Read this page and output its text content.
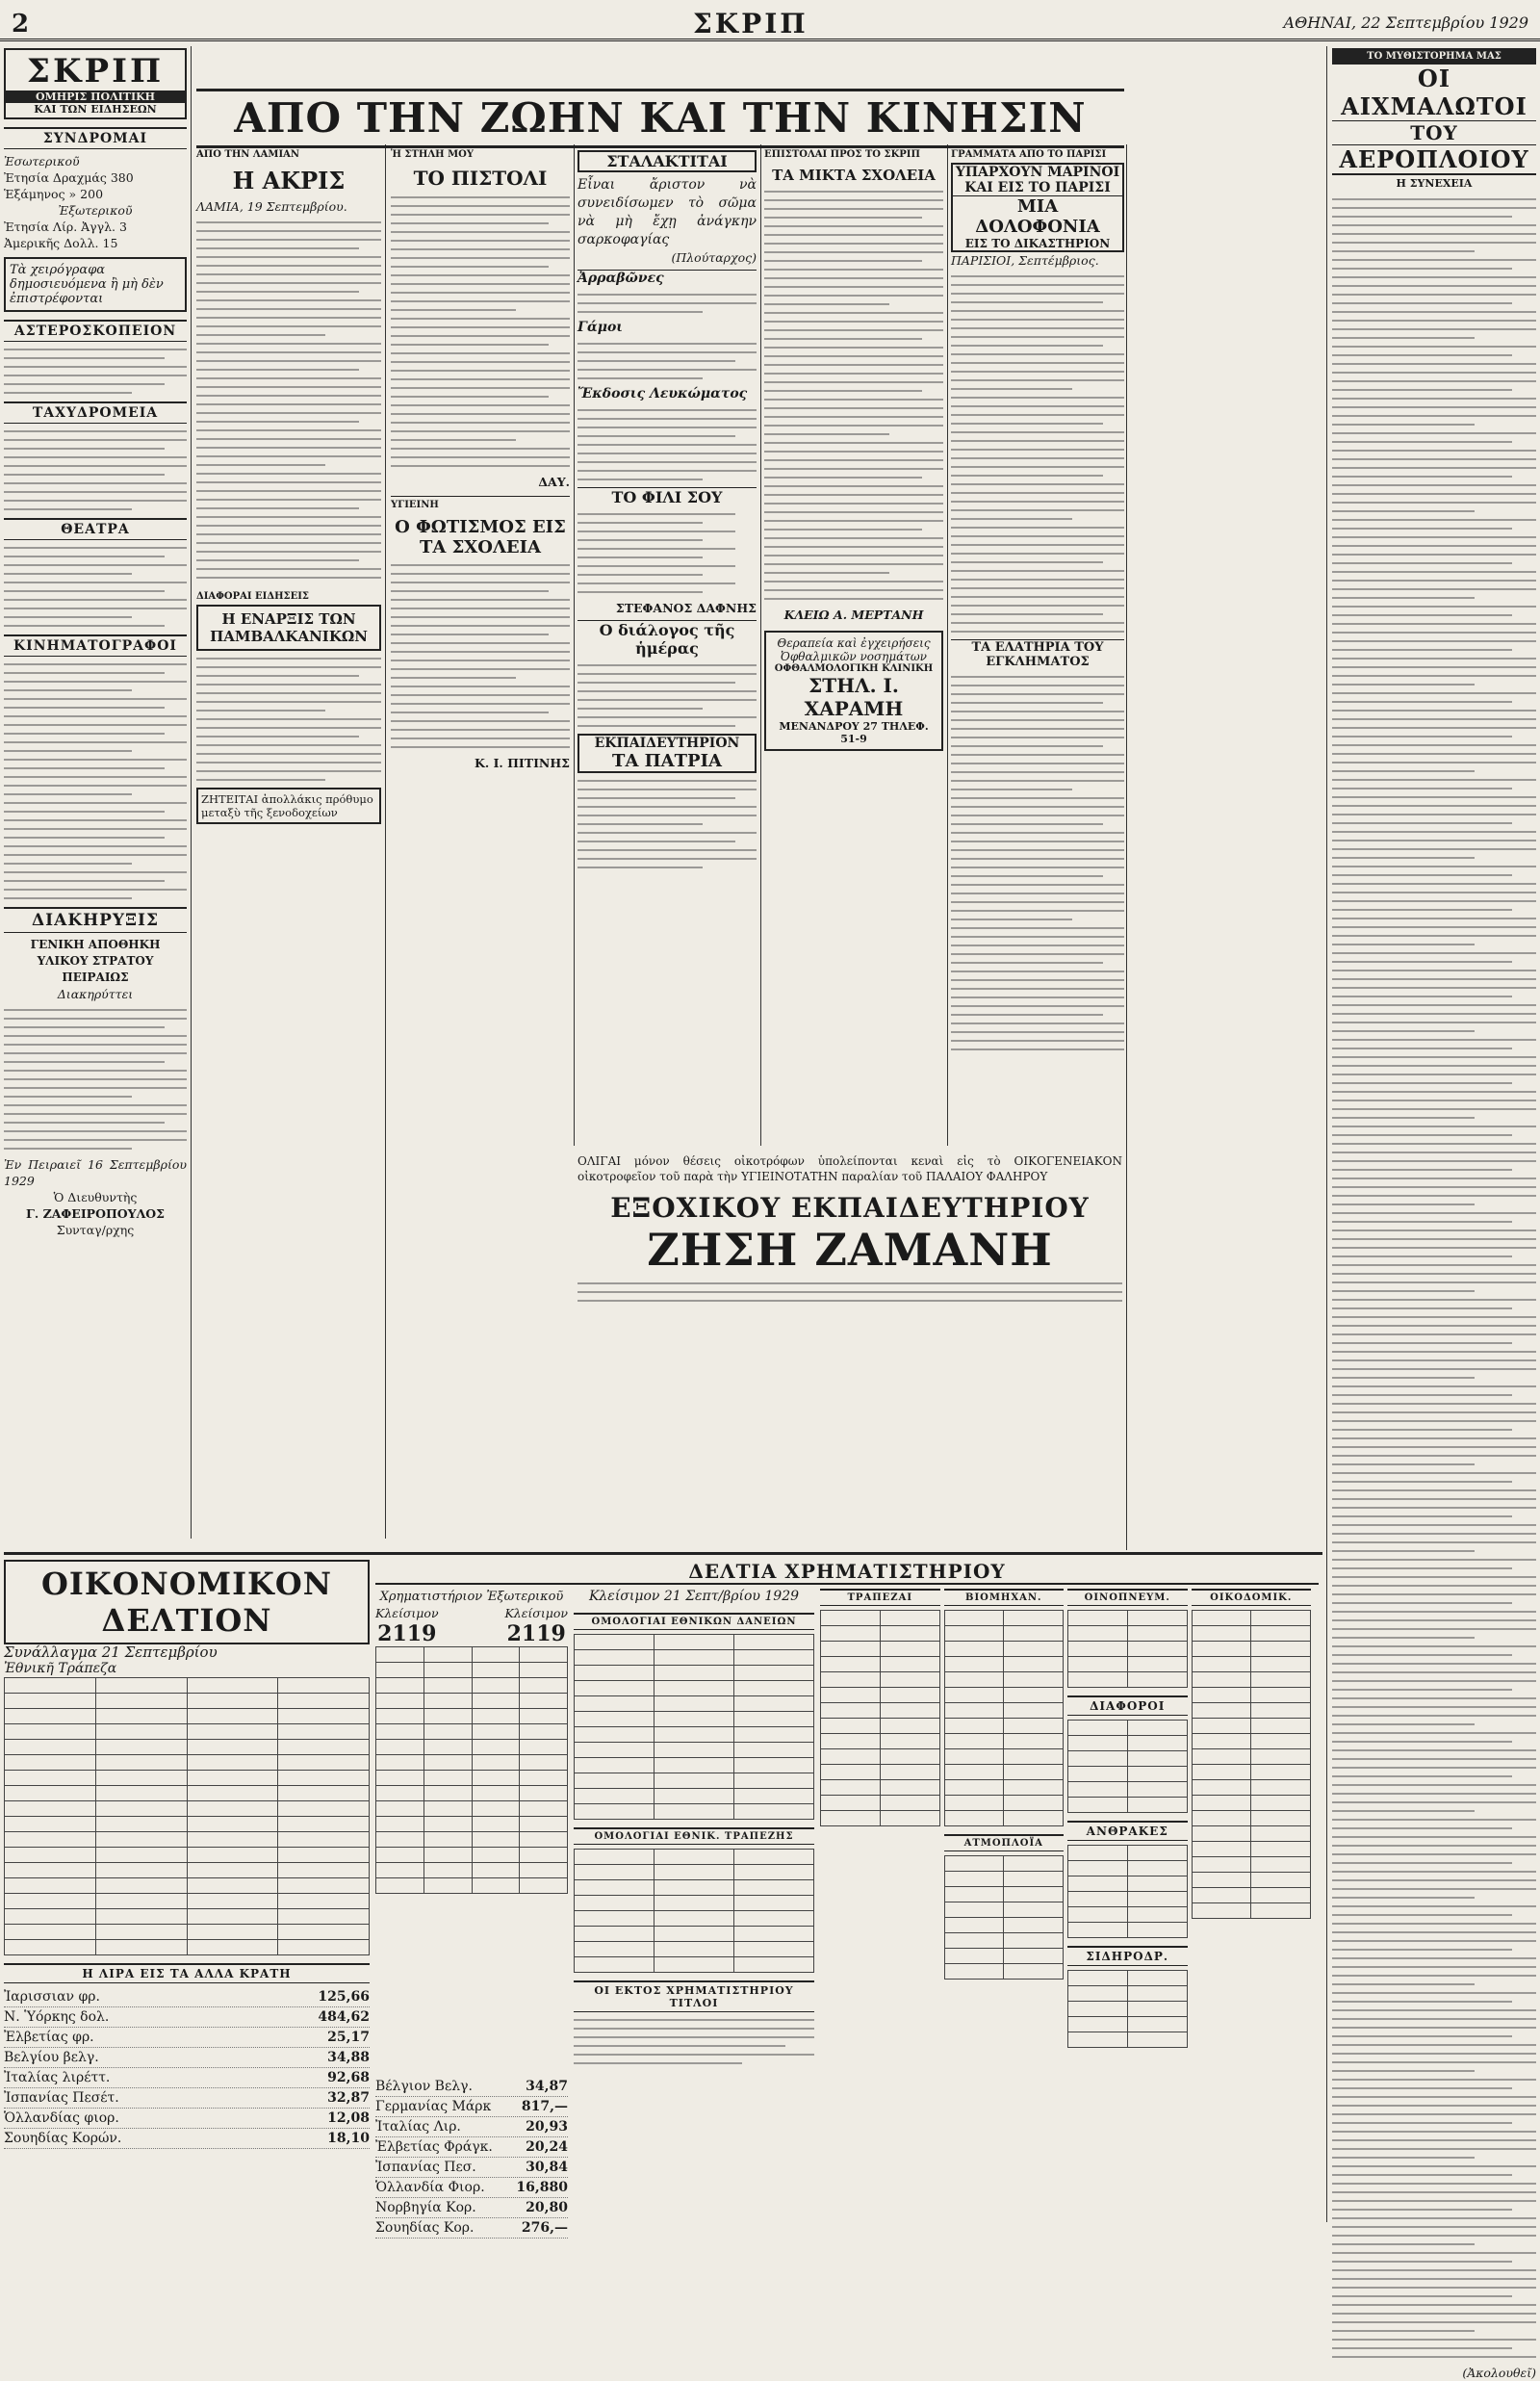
2	ΣΚΡΙΠ	ΑΘΗΝΑΙ, 22 Σεπτεμβρίου 1929
ΣΚΡΙΠ
ΟΜΗΡΙΣ ΠΟΛΙΤΙΚΗ
ΚΑΙ ΤΩΝ ΕΙΔΗΣΕΩΝ
ΣΥΝΔΡΟΜΑΙ
Ἐσωτερικοῦ
Ἐτησία Δραχμάς 380
Ἑξάμηνος » 200
Ἐξωτερικοῦ
Ἐτησία Λίρ. Ἀγγλ. 3
Ἀμερικῆς Δολλ. 15
Τὰ χειρόγραφα δημοσιευόμενα ἢ μὴ δὲν ἐπιστρέφονται
ΑΣΤΕΡΟΣΚΟΠΕΙΟΝ
ΤΑΧΥΔΡΟΜΕΙΑ
ΘΕΑΤΡΑ
ΚΙΝΗΜΑΤΟΓΡΑΦΟΙ
ΔΙΑΚΗΡΥΞΙΣ
ΓΕΝΙΚΗ ΑΠΟΘΗΚΗ ΥΛΙΚΟΥ ΣΤΡΑΤΟΥ ΠΕΙΡΑΙΩΣ
Διακηρύττει
Ἐν Πειραιεῖ 16 Σεπτεμβρίου 1929
Ὁ Διευθυντὴς
Γ. ΖΑΦΕΙΡΟΠΟΥΛΟΣ
Συνταγ/ρχης
ΑΠΟ ΤΗΝ ΖΩΗΝ ΚΑΙ ΤΗΝ ΚΙΝΗΣΙΝ
ΑΠΟ ΤΗΝ ΛΑΜΙΑΝ
Η ΑΚΡΙΣ
ΛΑΜΙΑ, 19 Σεπτεμβρίου.
ΔΙΑΦΟΡΑΙ ΕΙΔΗΣΕΙΣ
Η ΕΝΑΡΞΙΣ ΤΩΝ ΠΑΜΒΑΛΚΑΝΙΚΩΝ
ΖΗΤΕΙΤΑΙ ἀπολλάκις πρόθυμο μεταξὺ τῆς ξενοδοχείων
Ἡ ΣΤΗΛΗ ΜΟΥ
ΤΟ ΠΙΣΤΟΛΙ
ΔΑΥ.
ΥΓΙΕΙΝΗ
Ο ΦΩΤΙΣΜΟΣ ΕΙΣ ΤΑ ΣΧΟΛΕΙΑ
Κ. Ι. ΠΙΤΙΝΗΣ
ΣΤΑΛΑΚΤΙΤΑΙ
Εἶναι ἄριστον νὰ συνειδίσωμεν τὸ σῶμα νὰ μὴ ἔχῃ ἀνάγκην σαρκοφαγίας
(Πλούταρχος)
Ἀρραβῶνες
Γάμοι
Ἔκδοσις Λευκώματος
ΤΟ ΦΙΛΙ ΣΟΥ
ΣΤΕΦΑΝΟΣ ΔΑΦΝΗΣ
Ο διάλογος τῆς ἡμέρας
ΕΚΠΑΙΔΕΥΤΗΡΙΟΝ
ΤΑ ΠΑΤΡΙΑ
ΕΠΙΣΤΟΛΑΙ ΠΡΟΣ ΤΟ ΣΚΡΙΠ
ΤΑ ΜΙΚΤΑ ΣΧΟΛΕΙΑ
ΚΛΕΙΩ Α. ΜΕΡΤΑΝΗ
Θεραπεία καὶ ἐγχειρήσεις Ὀφθαλμικῶν νοσημάτων
ΟΦΘΑΛΜΟΛΟΓΙΚΗ ΚΛΙΝΙΚΗ
ΣΤΗΛ. Ι. ΧΑΡΑΜΗ
ΜΕΝΑΝΔΡΟΥ 27 ΤΗΛΕΦ. 51-9
ΓΡΑΜΜΑΤΑ ΑΠΟ ΤΟ ΠΑΡΙΣΙ
ΥΠΑΡΧΟΥΝ ΜΑΡΙΝΟΙ
ΚΑΙ ΕΙΣ ΤΟ ΠΑΡΙΣΙ
ΜΙΑ ΔΟΛΟΦΟΝΙΑ
ΕΙΣ ΤΟ ΔΙΚΑΣΤΗΡΙΟΝ
ΠΑΡΙΣΙΟΙ, Σεπτέμβριος.
ΤΑ ΕΛΑΤΗΡΙΑ ΤΟΥ ΕΓΚΛΗΜΑΤΟΣ
ΤΟ ΜΥΘΙΣΤΟΡΗΜΑ ΜΑΣ
ΟΙ ΑΙΧΜΑΛΩΤΟΙ
ΤΟΥ
ΑΕΡΟΠΛΟΙΟΥ
Η ΣΥΝΕΧΕΙΑ
(Ἀκολουθεῖ)
ΟΛΙΓΑΙ μόνον θέσεις οἰκοτρόφων ὑπολείπονται κεναὶ εἰς τὸ ΟΙΚΟΓΕΝΕΙΑΚΟΝ οἰκοτροφεῖον τοῦ παρὰ τὴν ΥΓΙΕΙΝΟΤΑΤΗΝ παραλίαν τοῦ ΠΑΛΑΙΟΥ ΦΑΛΗΡΟΥ
ΕΞΟΧΙΚΟΥ ΕΚΠΑΙΔΕΥΤΗΡΙΟΥ
ΖΗΣΗ ΖΑΜΑΝΗ
ΟΙΚΟΝΟΜΙΚΟΝ ΔΕΛΤΙΟΝ
Συνάλλαγμα 21 Σεπτεμβρίου
Ἐθνικῆ Τράπεζα

Η ΛΙΡΑ ΕΙΣ ΤΑ ΑΛΛΑ ΚΡΑΤΗ
Ἰαρισσιαν φρ.	125,66
Ν. Ὑόρκης δολ.	484,62
Ἐλβετίας φρ.	25,17
Βελγίου βελγ.	34,88
Ἰταλίας λιρέττ.	92,68
Ἰσπανίας Πεσέτ.	32,87
Ὁλλανδίας φιορ.	12,08
Σουηδίας Κορών.	18,10
ΔΕΛΤΙΑ ΧΡΗΜΑΤΙΣΤΗΡΙΟΥ
Χρηματιστήριον Ἐξωτερικοῦ
Κλείσιμον
2119
Κλείσιμον
2119

Κλείσιμον 21 Σεπτ/βρίου 1929
ΟΜΟΛΟΓΙΑΙ ΕΘΝΙΚΩΝ ΔΑΝΕΙΩΝ

ΟΜΟΛΟΓΙΑΙ ΕΘΝΙΚ. ΤΡΑΠΕΖΗΣ

ΟΙ ΕΚΤΟΣ ΧΡΗΜΑΤΙΣΤΗΡΙΟΥ ΤΙΤΛΟΙ
ΤΡΑΠΕΖΑΙ

		ΒΙΟΜΗΧΑΝ.

ΑΤΜΟΠΛΟΪΑ

ΟΙΝΟΠΝΕΥΜ.

ΔΙΑΦΟΡΟΙ

ΑΝΘΡΑΚΕΣ

ΣΙΔΗΡΟΔΡ.

ΟΙΚΟΔΟΜΙΚ.

Βέλγιον Βελγ.	34,87
Γερμανίας Μάρκ 817,—
Ἰταλίας Λιρ.	20,93
Ἐλβετίας Φράγκ. 20,24
Ἰσπανίας Πεσ.	30,84
Ὁλλανδία Φιορ. 16,880
Νορβηγία Κορ.	20,80
Σουηδίας Κορ.	276,—
